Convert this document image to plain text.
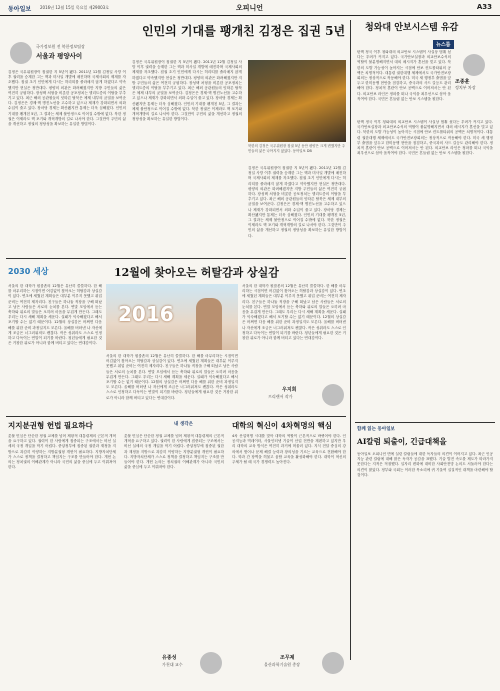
동아일보 2016년 12월 15일 목요일 제29003호	오피니언	A33
인민의 기대를 팽개친 김정은 집권 5년
국가정보원 전 북한정보팀장
서울과 평양사이
김정은 국무위원장이 집권한 지 5년이 됐다. 2011년 12월 김정일 사망 이후 권력을 승계한 그는 핵과 미사일 개발에 매진하며 국제사회의 제재를 자초했다. 집권 초기 인민에게 다시는 허리띠를 졸라매지 않게 하겠다고 약속했지만 현실은 정반대다. 평양의 외관은 화려해졌지만 지방 주민들의 삶은 여전히 궁핍하다. 장성택 처형을 비롯한 공포정치는 엘리트층의 이탈을 부추기고 있다. 최근 해외 공관원들의 잇따른 탈북은 체제 내부의 균열을 보여준다. 김정은은 경제·핵 병진노선을 고수하고 있으나 제재가 강화되면서 외화 수입이 줄고 있다. 장마당 경제는 확산됐지만 통제는 더욱 심해졌다. 인민의 기대를 팽개친 5년, 그 결과는 체제 불안정으로 이어질 수밖에 없다. 북한 정권은 이제라도 핵 포기와 개혁개방의 길로 나서야 한다. 그것만이 주민의 삶을 개선하고 정권의 정당성을 확보하는 유일한 방법이다.
김정은 국무위원장이 집권한 지 5년이 됐다. 2011년 12월 김정일 사망 이후 권력을 승계한 그는 핵과 미사일 개발에 매진하며 국제사회의 제재를 자초했다. 집권 초기 인민에게 다시는 허리띠를 졸라매지 않게 하겠다고 약속했지만 현실은 정반대다. 평양의 외관은 화려해졌지만 지방 주민들의 삶은 여전히 궁핍하다. 장성택 처형을 비롯한 공포정치는 엘리트층의 이탈을 부추기고 있다. 최근 해외 공관원들의 잇따른 탈북은 체제 내부의 균열을 보여준다. 김정은은 경제·핵 병진노선을 고수하고 있으나 제재가 강화되면서 외화 수입이 줄고 있다. 장마당 경제는 확산됐지만 통제는 더욱 심해졌다. 인민의 기대를 팽개친 5년, 그 결과는 체제 불안정으로 이어질 수밖에 없다. 북한 정권은 이제라도 핵 포기와 개혁개방의 길로 나서야 한다. 그것만이 주민의 삶을 개선하고 정권의 정당성을 확보하는 유일한 방법이다.
북한의 김정은 국무위원장 집권 5년 동안 평양은 크게 변했지만 주민들의 삶은 나아지지 않았다. 동아일보 DB
김정은 국무위원장이 집권한 지 5년이 됐다. 2011년 12월 김정일 사망 이후 권력을 승계한 그는 핵과 미사일 개발에 매진하며 국제사회의 제재를 자초했다. 집권 초기 인민에게 다시는 허리띠를 졸라매지 않게 하겠다고 약속했지만 현실은 정반대다. 평양의 외관은 화려해졌지만 지방 주민들의 삶은 여전히 궁핍하다. 장성택 처형을 비롯한 공포정치는 엘리트층의 이탈을 부추기고 있다. 최근 해외 공관원들의 잇따른 탈북은 체제 내부의 균열을 보여준다. 김정은은 경제·핵 병진노선을 고수하고 있으나 제재가 강화되면서 외화 수입이 줄고 있다. 장마당 경제는 확산됐지만 통제는 더욱 심해졌다. 인민의 기대를 팽개친 5년, 그 결과는 체제 불안정으로 이어질 수밖에 없다. 북한 정권은 이제라도 핵 포기와 개혁개방의 길로 나서야 한다. 그것만이 주민의 삶을 개선하고 정권의 정당성을 확보하는 유일한 방법이다.
청와대 안보시스템 유감
뉴스룸
조종훈
정치부 차장
탄핵 정국 이후 청와대의 외교안보 시스템이 사실상 멈춰 섰다는 우려가 커지고 있다. 국가안보실장과 외교안보수석의 역할이 불분명해지면서 대외 메시지가 혼선을 빚고 있다. 북한의 도발 가능성이 높아지는 시점에 안보 컨트롤타워의 공백은 치명적이다. 대통령 권한대행 체제에서도 국가안전보장회의는 정상적으로 작동해야 한다. 미국 새 행정부 출범을 앞두고 한미동맹 현안을 점검하고, 중국과의 사드 갈등도 관리해야 한다. 정치적 혼란이 안보 공백으로 이어져서는 안 된다. 외교안보 라인은 정파를 떠나 국익을 최우선으로 삼아 움직여야 한다. 국민은 흔들림 없는 안보 시스템을 원한다.
탄핵 정국 이후 청와대의 외교안보 시스템이 사실상 멈춰 섰다는 우려가 커지고 있다. 국가안보실장과 외교안보수석의 역할이 불분명해지면서 대외 메시지가 혼선을 빚고 있다. 북한의 도발 가능성이 높아지는 시점에 안보 컨트롤타워의 공백은 치명적이다. 대통령 권한대행 체제에서도 국가안전보장회의는 정상적으로 작동해야 한다. 미국 새 행정부 출범을 앞두고 한미동맹 현안을 점검하고, 중국과의 사드 갈등도 관리해야 한다. 정치적 혼란이 안보 공백으로 이어져서는 안 된다. 외교안보 라인은 정파를 떠나 국익을 최우선으로 삼아 움직여야 한다. 국민은 흔들림 없는 안보 시스템을 원한다.
2030 세상	12월에 찾아오는 허탈감과 상실감
서울의 한 대학가 원룸촌의 12월은 유난히 쓸쓸하다. 한 해를 마무리하는 시점이면 어김없이 찾아오는 허탈감과 상실감이 있다. 연초에 세웠던 계획들은 대부분 이루지 못했고 취업 준비는 여전히 제자리다. 친구들은 하나둘 직장을 구해 떠났고 남은 사람들은 서로의 눈치를 본다. 연말 모임에서 듣는 축하와 위로의 말들은 오히려 마음을 무겁게 만든다. 그래도 우리는 다시 새해 계획을 세운다. 실패가 익숙해졌다고 해서 포기할 수는 없기 때문이다. 12월의 상실감은 어쩌면 다음 해를 위한 준비 과정일지도 모른다. 올해를 버텨낸 나 자신에게 조금은 너그러워져도 괜찮다. 작은 성취라도 스스로 인정하고 다독이는 연말이 되기를 바란다. 청년들에게 필요한 것은 거창한 위로가 아니라 함께 버티고 있다는 연대감이다.
2016
서울의 한 대학가 원룸촌의 12월은 유난히 쓸쓸하다. 한 해를 마무리하는 시점이면 어김없이 찾아오는 허탈감과 상실감이 있다. 연초에 세웠던 계획들은 대부분 이루지 못했고 취업 준비는 여전히 제자리다. 친구들은 하나둘 직장을 구해 떠났고 남은 사람들은 서로의 눈치를 본다. 연말 모임에서 듣는 축하와 위로의 말들은 오히려 마음을 무겁게 만든다. 그래도 우리는 다시 새해 계획을 세운다. 실패가 익숙해졌다고 해서 포기할 수는 없기 때문이다. 12월의 상실감은 어쩌면 다음 해를 위한 준비 과정일지도 모른다. 올해를 버텨낸 나 자신에게 조금은 너그러워져도 괜찮다. 작은 성취라도 스스로 인정하고 다독이는 연말이 되기를 바란다. 청년들에게 필요한 것은 거창한 위로가 아니라 함께 버티고 있다는 연대감이다.
서울의 한 대학가 원룸촌의 12월은 유난히 쓸쓸하다. 한 해를 마무리하는 시점이면 어김없이 찾아오는 허탈감과 상실감이 있다. 연초에 세웠던 계획들은 대부분 이루지 못했고 취업 준비는 여전히 제자리다. 친구들은 하나둘 직장을 구해 떠났고 남은 사람들은 서로의 눈치를 본다. 연말 모임에서 듣는 축하와 위로의 말들은 오히려 마음을 무겁게 만든다. 그래도 우리는 다시 새해 계획을 세운다. 실패가 익숙해졌다고 해서 포기할 수는 없기 때문이다. 12월의 상실감은 어쩌면 다음 해를 위한 준비 과정일지도 모른다. 올해를 버텨낸 나 자신에게 조금은 너그러워져도 괜찮다. 작은 성취라도 스스로 인정하고 다독이는 연말이 되기를 바란다. 청년들에게 필요한 것은 거창한 위로가 아니라 함께 버티고 있다는 연대감이다.
우지희
프리랜서 작가
지지분권형 헌법 필요하다
촛불 민심은 단순한 정권 교체를 넘어 제왕적 대통령제의 근본적 개혁을 요구하고 있다. 권력이 한 사람에게 집중되는 구조에서는 비선 실세의 국정 개입을 막기 어렵다. 중앙정부에 집중된 권한과 재정을 지방으로 과감히 이양하는 지방분권형 개헌이 필요하다. 지방자치단체가 스스로 정책을 결정하고 책임지는 구조를 만들어야 한다. 개헌 논의는 정치권의 이해관계가 아니라 국민의 삶을 중심에 두고 이뤄져야 한다.
내 생각은
촛불 민심은 단순한 정권 교체를 넘어 제왕적 대통령제의 근본적 개혁을 요구하고 있다. 권력이 한 사람에게 집중되는 구조에서는 비선 실세의 국정 개입을 막기 어렵다. 중앙정부에 집중된 권한과 재정을 지방으로 과감히 이양하는 지방분권형 개헌이 필요하다. 지방자치단체가 스스로 정책을 결정하고 책임지는 구조를 만들어야 한다. 개헌 논의는 정치권의 이해관계가 아니라 국민의 삶을 중심에 두고 이뤄져야 한다.
유종성
가천대 교수
대학의 혁신이 4차혁명의 핵심
4차 산업혁명 시대를 맞아 대학의 역할이 근본적으로 바뀌어야 한다. 인공지능과 빅데이터, 사물인터넷 기술이 산업 전반을 재편하고 있지만 우리 대학의 교육 방식은 여전히 과거에 머물러 있다. 지식 전달 중심의 강의에서 벗어나 문제 해결 능력과 창의성을 기르는 교육으로 전환해야 한다. 학과 간 장벽을 허물고 융합 교육을 활성화해야 한다. 대학이 혁신의 주체가 될 때 국가 경쟁력도 높아진다.
조무제
울산과학기술원 총장
함께 읽는 동아일보
AI칼럼 퇴출이, 긴급대책을
동아일보 오피니언 면에 실린 칼럼들에 대한 독자들의 의견이 이어지고 있다. 최근 인공지능 관련 칼럼에 대해 많은 독자가 공감을 표했다. 기술 발전 속도를 제도가 따라가지 못한다는 지적은 적절했다. 일자리 변화에 대비한 사회안전망 논의도 서둘러야 한다는 의견이 많았다. 정부와 국회는 이러한 목소리에 귀 기울여 실질적인 대책을 마련해야 할 것이다.
